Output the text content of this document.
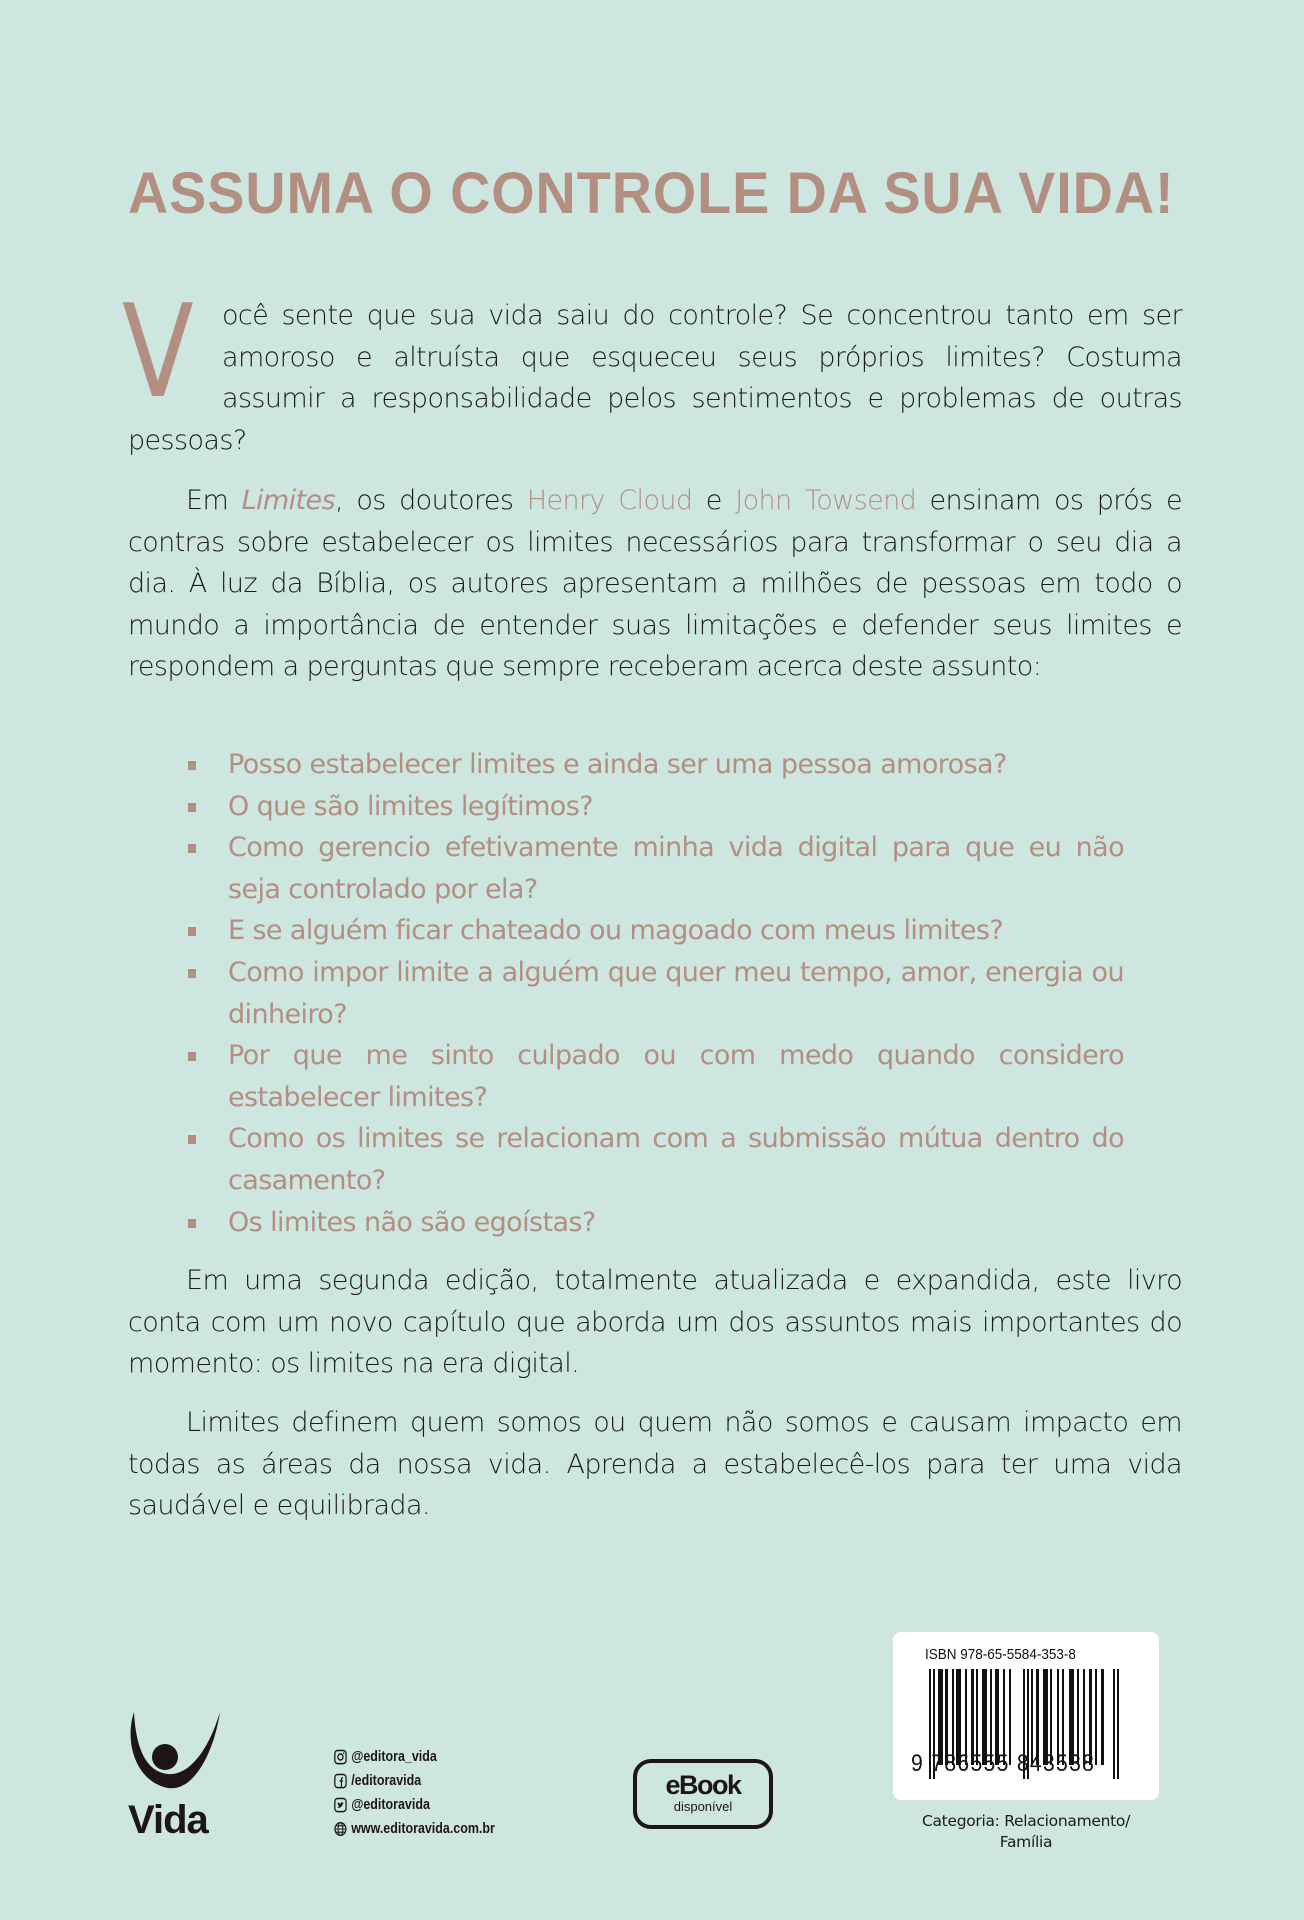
ASSUMA O CONTROLE DA SUA VIDA!
V ocê sente que sua vida saiu do controle? Se concentrou tanto em ser amoroso e altruísta que esqueceu seus próprios limites? Costuma assumir a responsabilidade pelos sentimentos e problemas de outras pessoas?
Em Limites, os doutores Henry Cloud e John Towsend ensinam os prós e contras sobre estabelecer os limites necessários para transformar o seu dia a dia. À luz da Bíblia, os autores apresentam a milhões de pessoas em todo o mundo a importância de entender suas limitações e defender seus limites e respondem a perguntas que sempre receberam acerca deste assunto:
Posso estabelecer limites e ainda ser uma pessoa amorosa?
O que são limites legítimos?
Como gerencio efetivamente minha vida digital para que eu não seja controlado por ela?
E se alguém ficar chateado ou magoado com meus limites?
Como impor limite a alguém que quer meu tempo, amor, energia ou dinheiro?
Por que me sinto culpado ou com medo quando considero estabelecer limites?
Como os limites se relacionam com a submissão mútua dentro do casamento?
Os limites não são egoístas?
Em uma segunda edição, totalmente atualizada e expandida, este livro conta com um novo capítulo que aborda um dos assuntos mais importantes do momento: os limites na era digital.
Limites definem quem somos ou quem não somos e causam impacto em todas as áreas da nossa vida. Aprenda a estabelecê-los para ter uma vida saudável e equilibrada.
Vida
@editora_vida
/editoravida
@editoravida
www.editoravida.com.br
eBook
disponível
ISBN 978-65-5584-353-8
9 786555 843538
Categoria: Relacionamento/
Família
